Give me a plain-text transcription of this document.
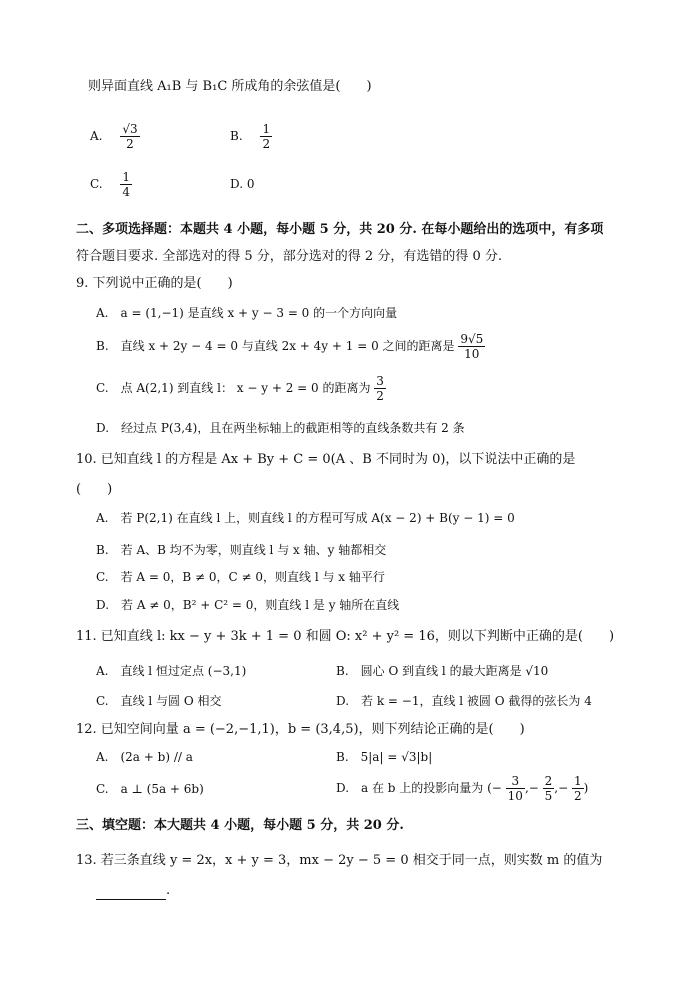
则异面直线 A₁B 与 B₁C 所成角的余弦值是(　　)
A. $\frac{√3}{2}$	B. $\frac{1}{2}$
C. $\frac{1}{4}$	D. 0
二、多项选择题：本题共 4 小题，每小题 5 分，共 20 分. 在每小题给出的选项中，有多项
符合题目要求. 全部选对的得 5 分，部分选对的得 2 分，有选错的得 0 分.
9. 下列说中正确的是(　　)
A.　a = (1,−1) 是直线 x + y − 3 = 0 的一个方向向量
B.　直线 x + 2y − 4 = 0 与直线 2x + 4y + 1 = 0 之间的距离是 $\frac{9√5}{10}$
C.　点 A(2,1) 到直线 l： x − y + 2 = 0 的距离为 $\frac{3}{2}$
D.　经过点 P(3,4)，且在两坐标轴上的截距相等的直线条数共有 2 条
10. 已知直线 l 的方程是 Ax + By + C = 0(A 、B 不同时为 0)，以下说法中正确的是
(　　)
A.　若 P(2,1) 在直线 l 上，则直线 l 的方程可写成 A(x − 2) + B(y − 1) = 0
B.　若 A、B 均不为零，则直线 l 与 x 轴、y 轴都相交
C.　若 A = 0，B ≠ 0，C ≠ 0，则直线 l 与 x 轴平行
D.　若 A ≠ 0，B² + C² = 0，则直线 l 是 y 轴所在直线
11. 已知直线 l: kx − y + 3k + 1 = 0 和圆 O: x² + y² = 16，则以下判断中正确的是(　　)
A.　直线 l 恒过定点 (−3,1)	B.　圆心 O 到直线 l 的最大距离是 √10
C.　直线 l 与圆 O 相交	D.　若 k = −1，直线 l 被圆 O 截得的弦长为 4
12. 已知空间向量 a = (−2,−1,1)，b = (3,4,5)，则下列结论正确的是(　　)
A.　(2a + b) // a	B.　5|a| = √3|b|
C.　a ⊥ (5a + 6b)	D.　a 在 b 上的投影向量为 (− $\frac{3}{10}$ ,− $\frac{2}{5}$ ,− $\frac{1}{2}$ )
三、填空题：本大题共 4 小题，每小题 5 分，共 20 分.
13. 若三条直线 y = 2x，x + y = 3，mx − 2y − 5 = 0 相交于同一点，则实数 m 的值为
.
